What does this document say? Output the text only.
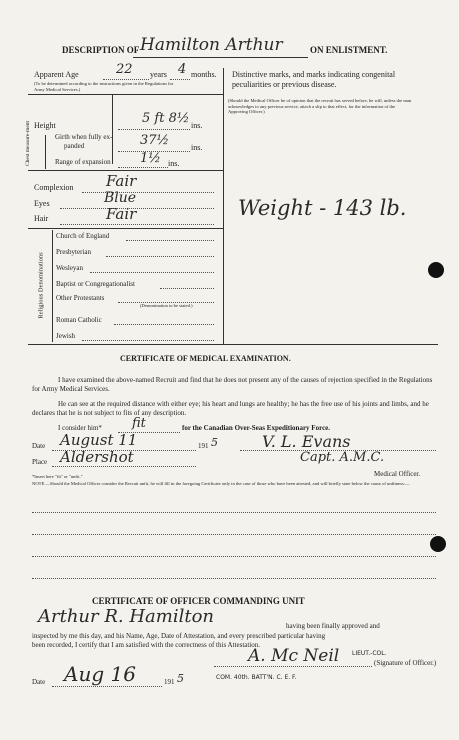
DESCRIPTION OF Hamilton Arthur	ON ENLISTMENT.
Apparent Age	22 years 4 months.
(To be determined according to the instructions given in the Regulations for Army Medical Services.)
Height	5 ft 8½ ins.
Chest measure-ment	Girth when fully ex-
panded	37½	ins.
Range of expansion 1½ ins.
Complexion Fair
Eyes	Blue
Hair	Fair
Religious Denominations
Church of England
Presbyterian
Wesleyan
Baptist or Congregationalist
Other Protestants
(Denomination to be stated.)
Roman Catholic
Jewish
Distinctive marks, and marks indicating congenital peculiarities or previous disease.
(Should the Medical Officer be of opinion that the recruit has served before, he will, unless the man acknowledges to any previous service, attach a slip to that effect, for the information of the Approving Officer.)
Weight - 143 lb.
CERTIFICATE OF MEDICAL EXAMINATION.
I have examined the above-named Recruit and find that he does not present any of the causes of rejection specified in the Regulations for Army Medical Services.
He can see at the required distance with either eye; his heart and lungs are healthy; he has the free use of his joints and limbs, and he declares that he is not subject to fits of any description.
I consider him* fit	for the Canadian Over-Seas Expeditionary Force.
Date August 11	191 5	V. L. Evans
Place Aldershot	Capt. A.M.C.
Medical Officer.
*Insert here "fit" or "unfit."
NOTE.—Should the Medical Officer consider the Recruit unfit, he will fill in the foregoing Certificate only in the case of those who have been attested, and will briefly state below the cause of unfitness:—
CERTIFICATE OF OFFICER COMMANDING UNIT
Arthur R. Hamilton	having been finally approved and
inspected by me this day, and his Name, Age, Date of Attestation, and every prescribed particular having
been recorded, I certify that I am satisfied with the correctness of this Attestation.
A. Mc Neil LIEUT.-COL.
(Signature of Officer.)
Date Aug 16	191 5	COM. 40th. BATT'N. C. E. F.
